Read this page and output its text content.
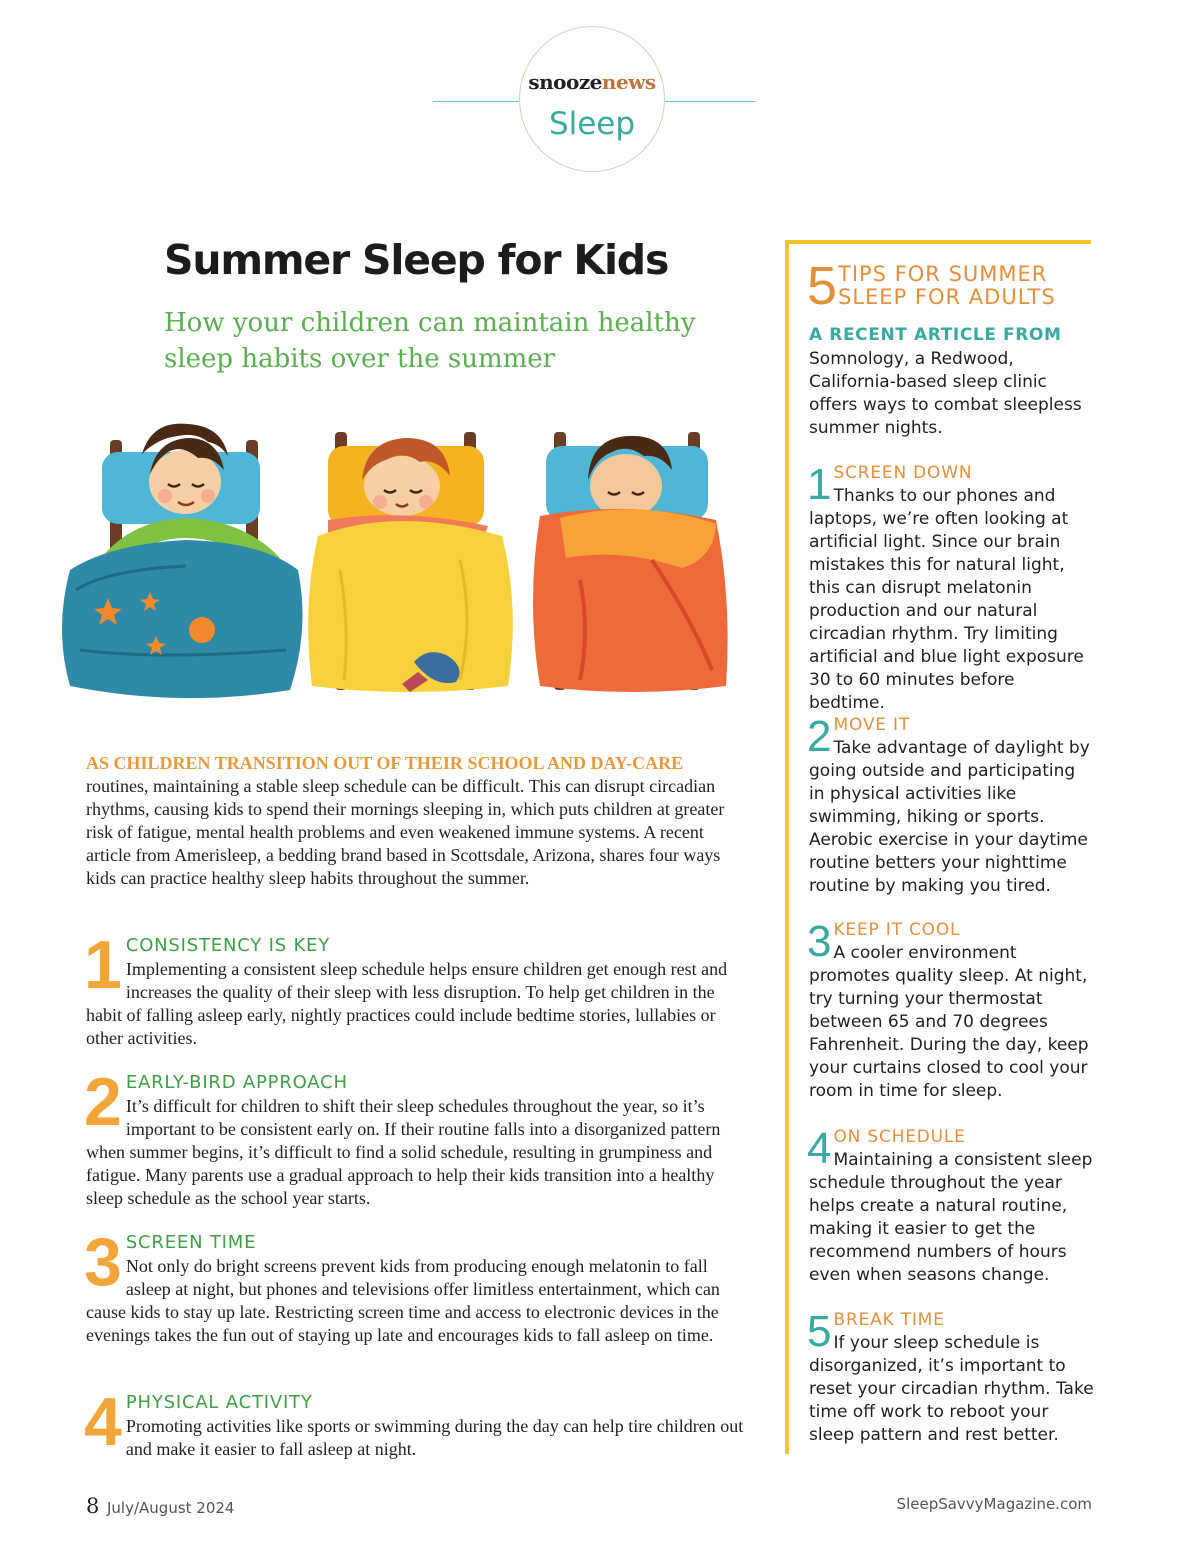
snoozenews
Sleep
Summer Sleep for Kids

How your children can maintain healthy sleep habits over the summer

AS CHILDREN TRANSITION OUT OF THEIR SCHOOL AND DAY-CARE
routines, maintaining a stable sleep schedule can be difficult. This can disrupt circadian rhythms, causing kids to spend their mornings sleeping in, which puts children at greater risk of fatigue, mental health problems and even weakened immune systems. A recent article from Amerisleep, a bedding brand based in Scottsdale, Arizona, shares four ways kids can practice healthy sleep habits throughout the summer.

1 CONSISTENCY IS KEY

Implementing a consistent sleep schedule helps ensure children get enough rest and increases the quality of their sleep with less disruption. To help get children in the habit of falling asleep early, nightly practices could include bedtime stories, lullabies or other activities.

2 EARLY-BIRD APPROACH

It’s difficult for children to shift their sleep schedules throughout the year, so it’s important to be consistent early on. If their routine falls into a disorganized pattern when summer begins, it’s difficult to find a solid schedule, resulting in grumpiness and fatigue. Many parents use a gradual approach to help their kids transition into a healthy sleep schedule as the school year starts.

3 SCREEN TIME

Not only do bright screens prevent kids from producing enough melatonin to fall asleep at night, but phones and televisions offer limitless entertainment, which can cause kids to stay up late. Restricting screen time and access to electronic devices in the evenings takes the fun out of staying up late and encourages kids to fall asleep on time.

4 PHYSICAL ACTIVITY

Promoting activities like sports or swimming during the day can help tire children out and make it easier to fall asleep at night.

5 TIPS FOR SUMMER SLEEP FOR ADULTS

A RECENT ARTICLE FROM

Somnology, a Redwood, California-based sleep clinic offers ways to combat sleepless summer nights.
1 SCREEN DOWN

Thanks to our phones and laptops, we’re often looking at artificial light. Since our brain mistakes this for natural light, this can disrupt melatonin production and our natural circadian rhythm. Try limiting artificial and blue light exposure 30 to 60 minutes before bedtime.

2 MOVE IT

Take advantage of daylight by going outside and participating in physical activities like swimming, hiking or sports. Aerobic exercise in your daytime routine betters your nighttime routine by making you tired.

3 KEEP IT COOL

A cooler environment promotes quality sleep. At night, try turning your thermostat between 65 and 70 degrees Fahrenheit. During the day, keep your curtains closed to cool your room in time for sleep.

4 ON SCHEDULE

Maintaining a consistent sleep schedule throughout the year helps create a natural routine, making it easier to get the recommend numbers of hours even when seasons change.

5 BREAK TIME

If your sleep schedule is disorganized, it’s important to reset your circadian rhythm. Take time off work to reboot your sleep pattern and rest better.

8 July/August 2024	SleepSavvyMagazine.com
